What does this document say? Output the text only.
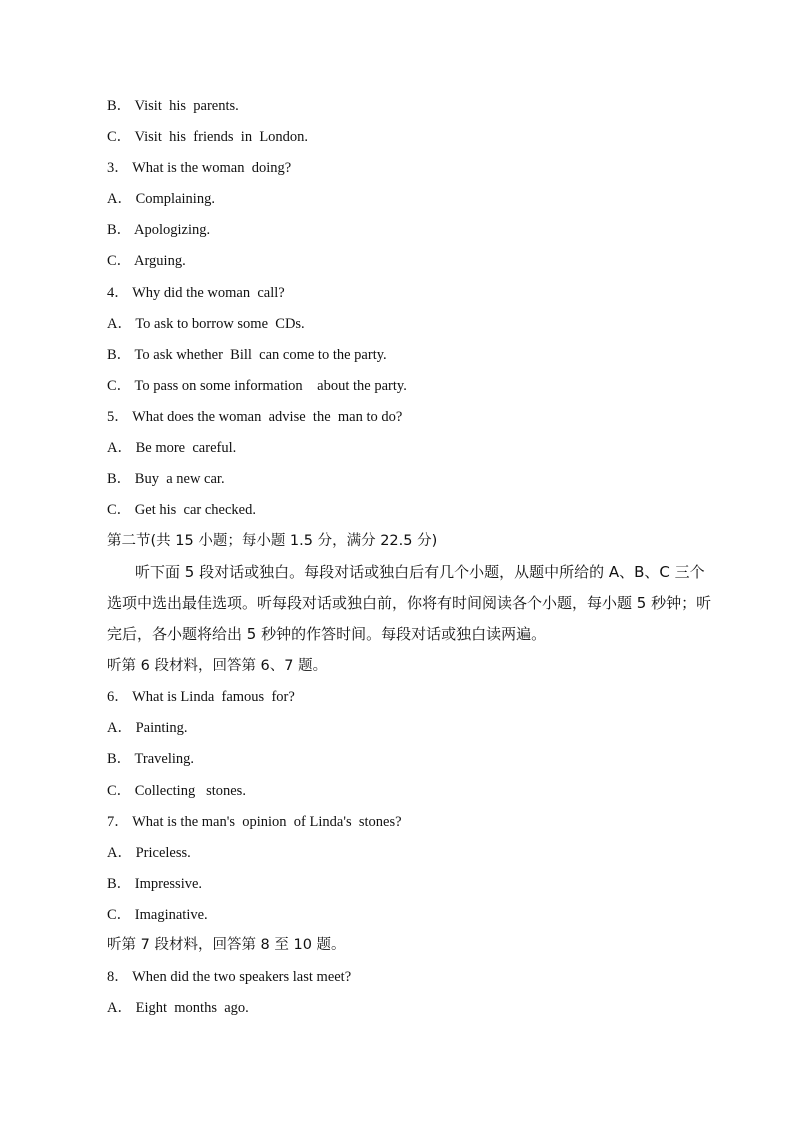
B． Visit  his  parents.
C． Visit  his  friends  in  London.
3． What is the woman  doing?
A． Complaining.
B． Apologizing.
C． Arguing.
4． Why did the woman  call?
A． To ask to borrow some  CDs.
B． To ask whether  Bill  can come to the party.
C． To pass on some information    about the party.
5． What does the woman  advise  the  man to do?
A． Be more  careful.
B． Buy  a new car.
C． Get his  car checked.
第二节(共 15 小题；每小题 1.5 分，满分 22.5 分)
听下面 5 段对话或独白。每段对话或独白后有几个小题，从题中所给的 A、B、C 三个选项中选出最佳选项。听每段对话或独白前，你将有时间阅读各个小题，每小题 5 秒钟；听完后，各小题将给出 5 秒钟的作答时间。每段对话或独白读两遍。
听第 6 段材料，回答第 6、7 题。
6． What is Linda  famous  for?
A． Painting.
B． Traveling.
C． Collecting   stones.
7． What is the man's  opinion  of Linda's  stones?
A． Priceless.
B． Impressive.
C． Imaginative.
听第 7 段材料，回答第 8 至 10 题。
8． When did the two speakers last meet?
A． Eight  months  ago.
